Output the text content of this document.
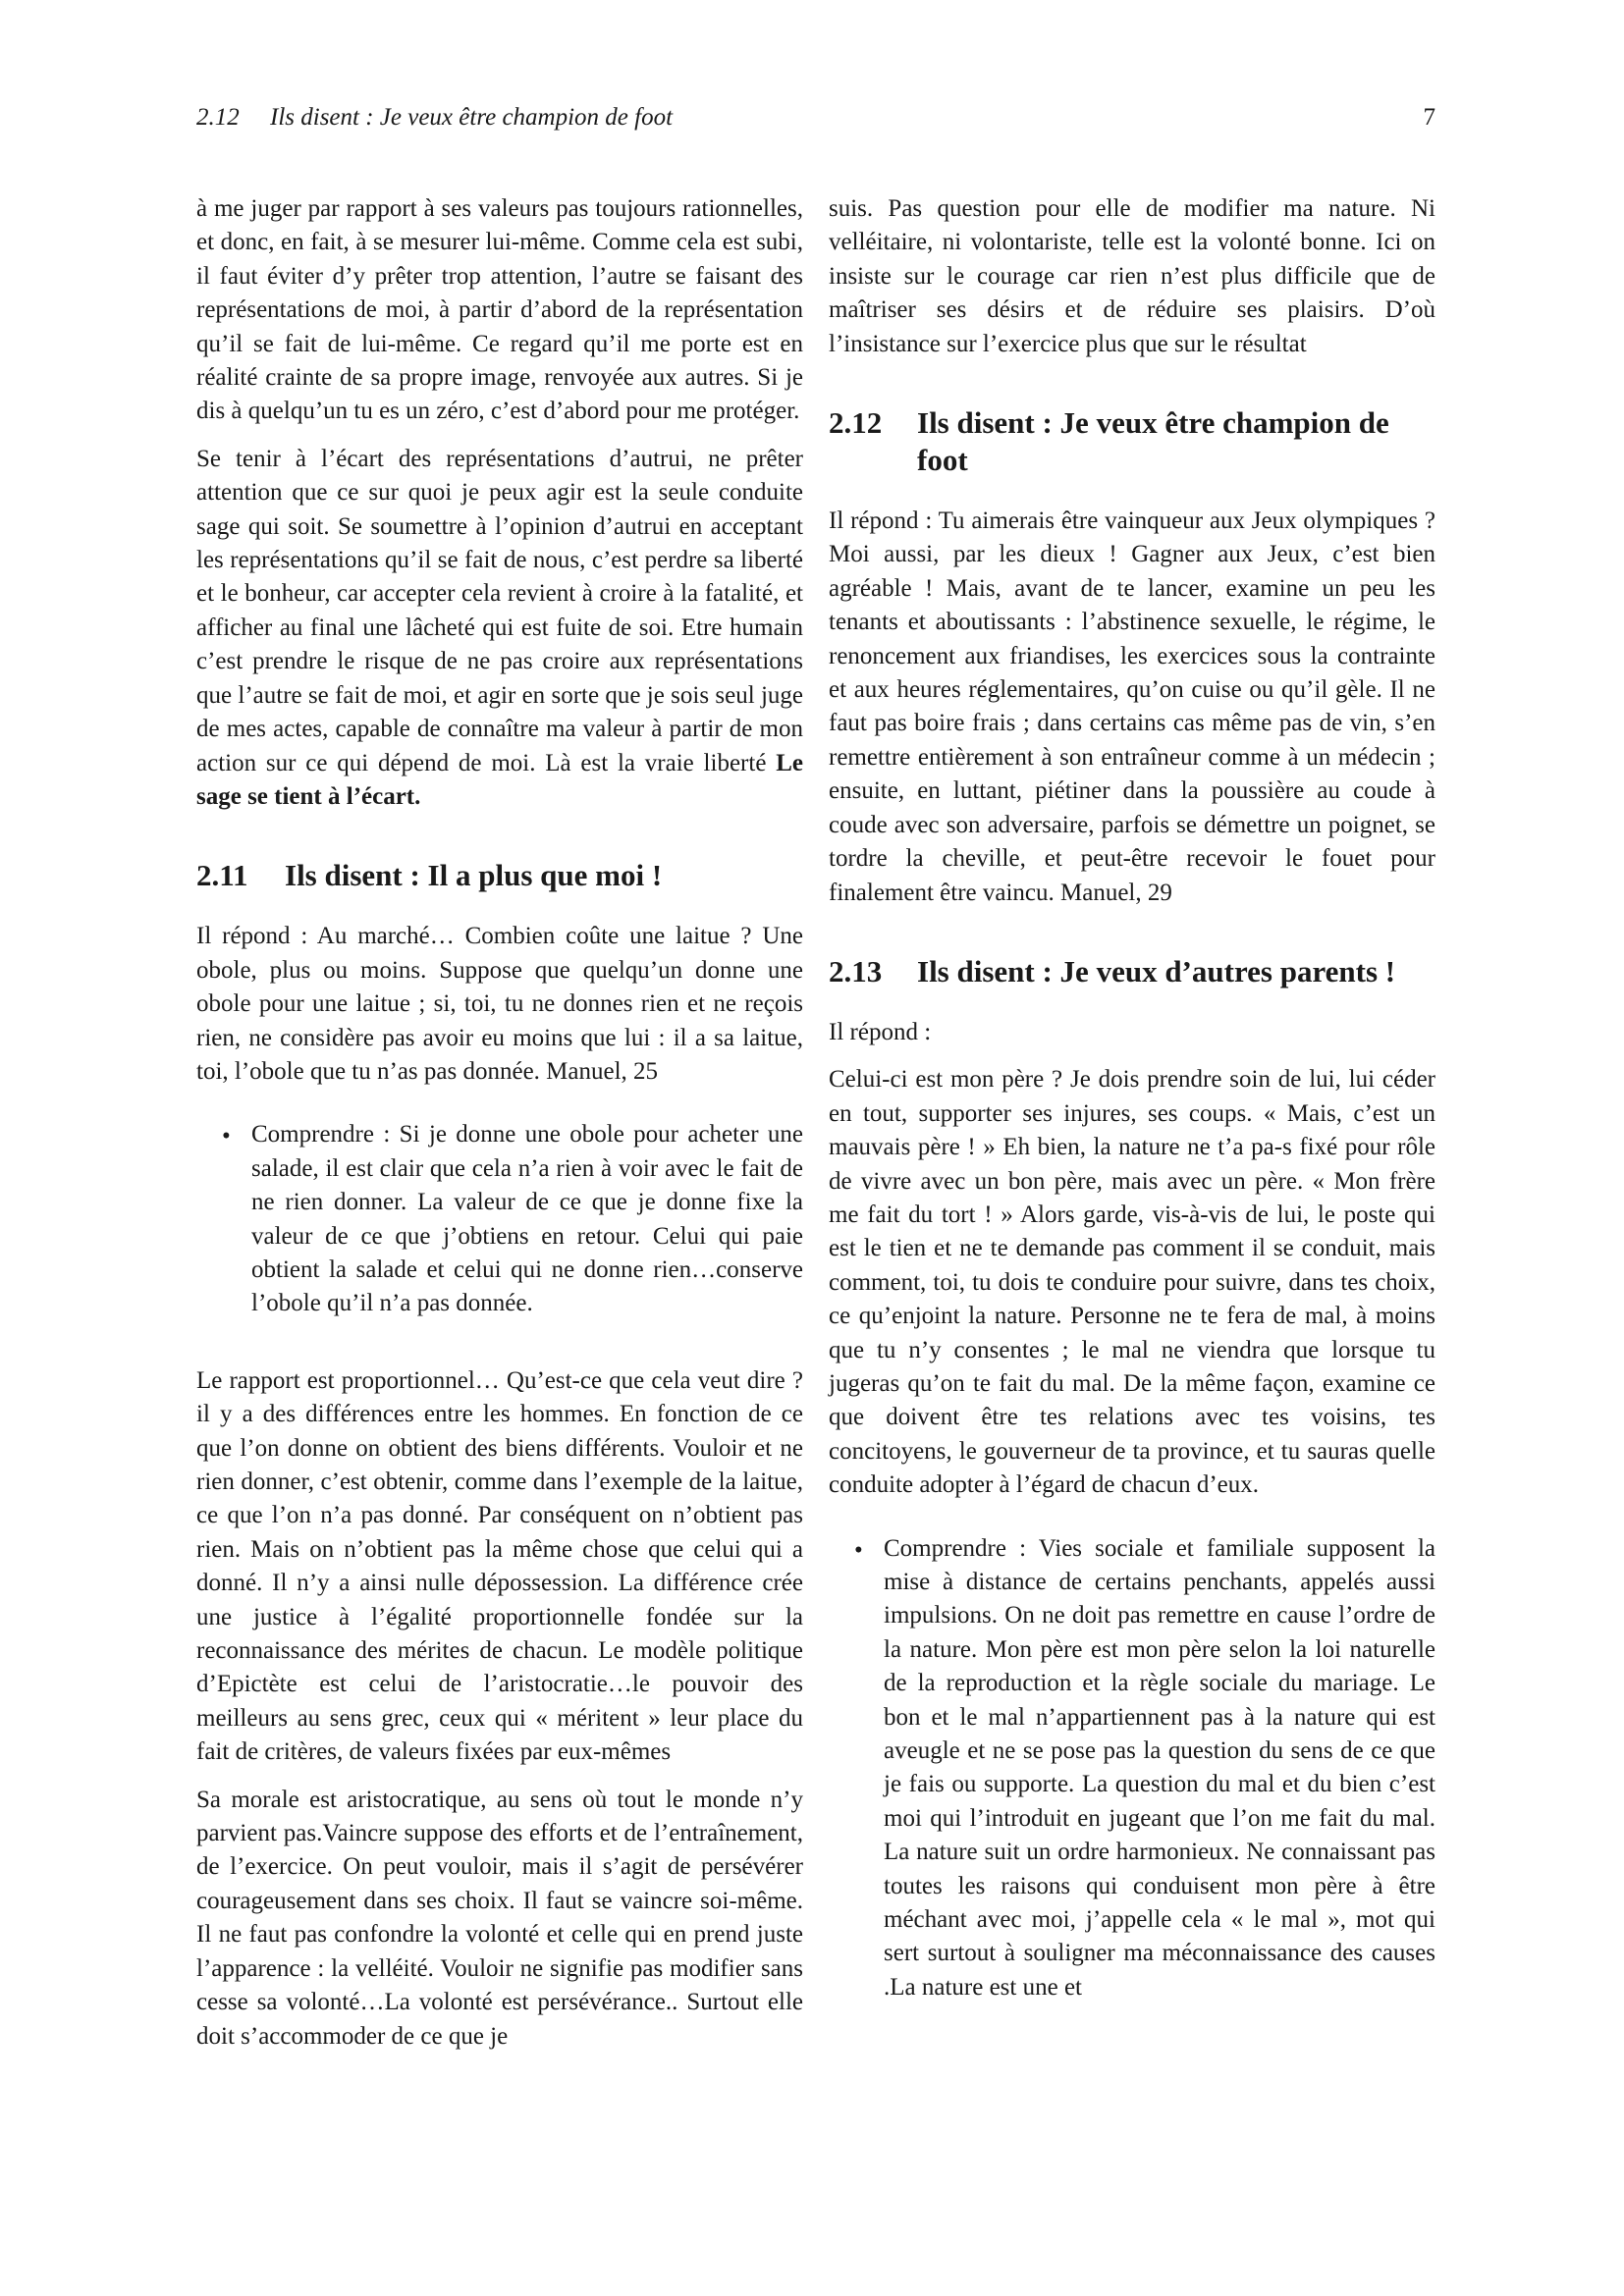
2.12     Ils disent : Je veux être champion de foot	7

à me juger par rapport à ses valeurs pas toujours rationnelles, et donc, en fait, à se mesurer lui-même. Comme cela est subi, il faut éviter d’y prêter trop attention, l’autre se faisant des représentations de moi, à partir d’abord de la représentation qu’il se fait de lui-même. Ce regard qu’il me porte est en réalité crainte de sa propre image, renvoyée aux autres. Si je dis à quelqu’un tu es un zéro, c’est d’abord pour me protéger.

Se tenir à l’écart des représentations d’autrui, ne prêter attention que ce sur quoi je peux agir est la seule conduite sage qui soit. Se soumettre à l’opinion d’autrui en acceptant les représentations qu’il se fait de nous, c’est perdre sa liberté et le bonheur, car accepter cela revient à croire à la fatalité, et afficher au final une lâcheté qui est fuite de soi. Etre humain c’est prendre le risque de ne pas croire aux représentations que l’autre se fait de moi, et agir en sorte que je sois seul juge de mes actes, capable de connaître ma valeur à partir de mon action sur ce qui dépend de moi. Là est la vraie liberté Le sage se tient à l’écart.

2.11 Ils disent : Il a plus que moi !

Il répond : Au marché… Combien coûte une laitue ? Une obole, plus ou moins. Suppose que quelqu’un donne une obole pour une laitue ; si, toi, tu ne donnes rien et ne reçois rien, ne considère pas avoir eu moins que lui : il a sa laitue, toi, l’obole que tu n’as pas donnée. Manuel, 25

• Comprendre : Si je donne une obole pour acheter une salade, il est clair que cela n’a rien à voir avec le fait de ne rien donner. La valeur de ce que je donne fixe la valeur de ce que j’obtiens en retour. Celui qui paie obtient la salade et celui qui ne donne rien…conserve l’obole qu’il n’a pas donnée.

Le rapport est proportionnel… Qu’est-ce que cela veut dire ? il y a des différences entre les hommes. En fonction de ce que l’on donne on obtient des biens différents. Vouloir et ne rien donner, c’est obtenir, comme dans l’exemple de la laitue, ce que l’on n’a pas donné. Par conséquent on n’obtient pas rien. Mais on n’obtient pas la même chose que celui qui a donné. Il n’y a ainsi nulle dépossession. La différence crée une justice à l’égalité proportionnelle fondée sur la reconnaissance des mérites de chacun. Le modèle politique d’Epictète est celui de l’aristocratie…le pouvoir des meilleurs au sens grec, ceux qui « méritent » leur place du fait de critères, de valeurs fixées par eux-mêmes

Sa morale est aristocratique, au sens où tout le monde n’y parvient pas.Vaincre suppose des efforts et de l’entraînement, de l’exercice. On peut vouloir, mais il s’agit de persévérer courageusement dans ses choix. Il faut se vaincre soi-même. Il ne faut pas confondre la volonté et celle qui en prend juste l’apparence : la velléité. Vouloir ne signifie pas modifier sans cesse sa volonté…La volonté est persévérance.. Surtout elle doit s’accommoder de ce que je

suis. Pas question pour elle de modifier ma nature. Ni velléitaire, ni volontariste, telle est la volonté bonne. Ici on insiste sur le courage car rien n’est plus difficile que de maîtriser ses désirs et de réduire ses plaisirs. D’où l’insistance sur l’exercice plus que sur le résultat

2.12 Ils disent : Je veux être champion de foot

Il répond : Tu aimerais être vainqueur aux Jeux olympiques ? Moi aussi, par les dieux ! Gagner aux Jeux, c’est bien agréable ! Mais, avant de te lancer, examine un peu les tenants et aboutissants : l’abstinence sexuelle, le régime, le renoncement aux friandises, les exercices sous la contrainte et aux heures réglementaires, qu’on cuise ou qu’il gèle. Il ne faut pas boire frais ; dans certains cas même pas de vin, s’en remettre entièrement à son entraîneur comme à un médecin ; ensuite, en luttant, piétiner dans la poussière au coude à coude avec son adversaire, parfois se démettre un poignet, se tordre la cheville, et peut-être recevoir le fouet pour finalement être vaincu. Manuel, 29

2.13 Ils disent : Je veux d’autres parents !

Il répond :

Celui-ci est mon père ? Je dois prendre soin de lui, lui céder en tout, supporter ses injures, ses coups. « Mais, c’est un mauvais père ! » Eh bien, la nature ne t’a pa-s fixé pour rôle de vivre avec un bon père, mais avec un père. « Mon frère me fait du tort ! » Alors garde, vis-à-vis de lui, le poste qui est le tien et ne te demande pas comment il se conduit, mais comment, toi, tu dois te conduire pour suivre, dans tes choix, ce qu’enjoint la nature. Personne ne te fera de mal, à moins que tu n’y consentes ; le mal ne viendra que lorsque tu jugeras qu’on te fait du mal. De la même façon, examine ce que doivent être tes relations avec tes voisins, tes concitoyens, le gouverneur de ta province, et tu sauras quelle conduite adopter à l’égard de chacun d’eux.

• Comprendre : Vies sociale et familiale supposent la mise à distance de certains penchants, appelés aussi impulsions. On ne doit pas remettre en cause l’ordre de la nature. Mon père est mon père selon la loi naturelle de la reproduction et la règle sociale du mariage. Le bon et le mal n’appartiennent pas à la nature qui est aveugle et ne se pose pas la question du sens de ce que je fais ou supporte. La question du mal et du bien c’est moi qui l’introduit en jugeant que l’on me fait du mal. La nature suit un ordre harmonieux. Ne connaissant pas toutes les raisons qui conduisent mon père à être méchant avec moi, j’appelle cela « le mal », mot qui sert surtout à souligner ma méconnaissance des causes .La nature est une et
